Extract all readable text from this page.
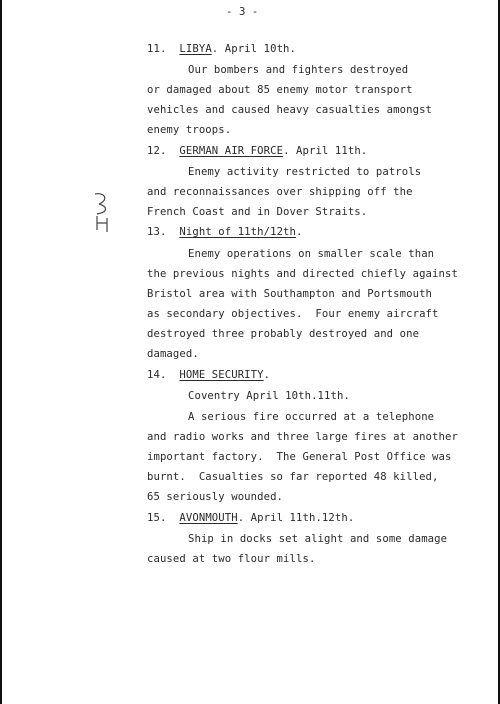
- 3 -
11. LIBYA. April 10th.
Our bombers and fighters destroyed
or damaged about 85 enemy motor transport
vehicles and caused heavy casualties amongst
enemy troops.
12. GERMAN AIR FORCE. April 11th.
Enemy activity restricted to patrols
and reconnaissances over shipping off the
French Coast and in Dover Straits.
13. Night of 11th/12th.
Enemy operations on smaller scale than
the previous nights and directed chiefly against
Bristol area with Southampton and Portsmouth
as secondary objectives.  Four enemy aircraft
destroyed three probably destroyed and one
damaged.
14. HOME SECURITY.
Coventry April 10th.11th.
A serious fire occurred at a telephone
and radio works and three large fires at another
important factory.  The General Post Office was
burnt.  Casualties so far reported 48 killed,
65 seriously wounded.
15. AVONMOUTH. April 11th.12th.
Ship in docks set alight and some damage
caused at two flour mills.
